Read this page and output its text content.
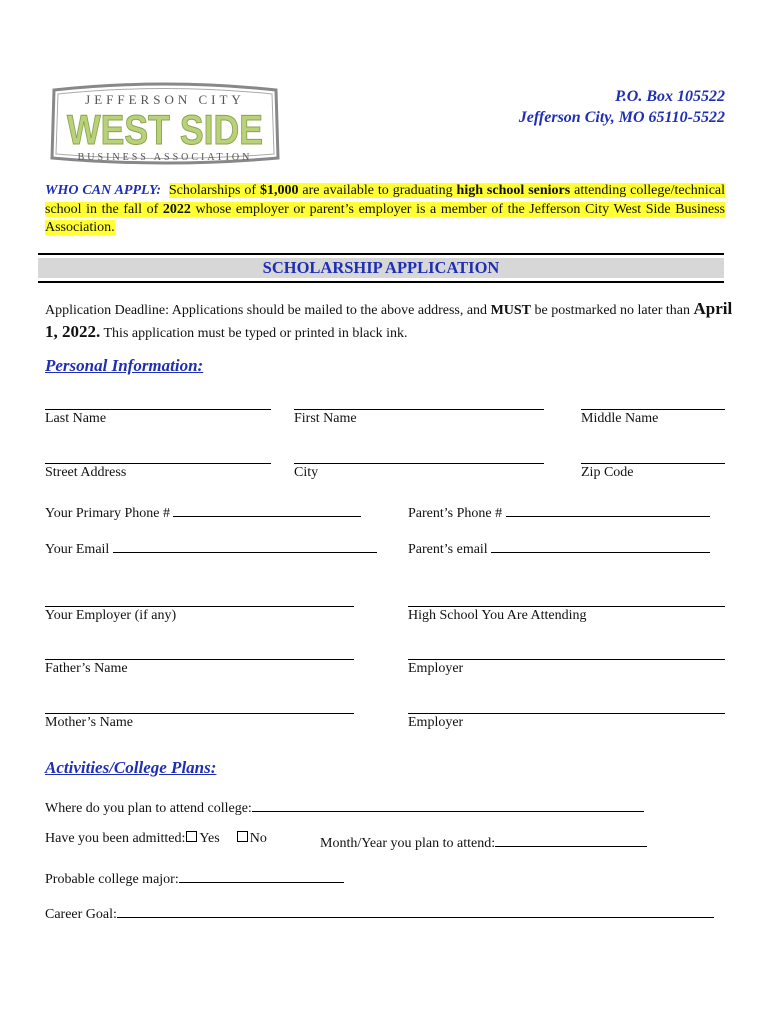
JEFFERSON CITY
WEST SIDE
BUSINESS ASSOCIATION
P.O. Box 105522
Jefferson City, MO 65110-5522
WHO CAN APPLY: Scholarships of $1,000 are available to graduating high school seniors attending college/technical school in the fall of 2022 whose employer or parent’s employer is a member of the Jefferson City West Side Business Association.
SCHOLARSHIP APPLICATION
Application Deadline: Applications should be mailed to the above address, and MUST be postmarked no later than April 1, 2022. This application must be typed or printed in black ink.
Personal Information:
Last Name	First Name	Middle Name
Street Address	City	Zip Code
Your Primary Phone #	Parent’s Phone #
Your Email	Parent’s email
Your Employer (if any)	High School You Are Attending
Father’s Name	Employer
Mother’s Name	Employer
Activities/College Plans:
Where do you plan to attend college:
Have you been admitted: Yes No	Month/Year you plan to attend:
Probable college major:
Career Goal:
